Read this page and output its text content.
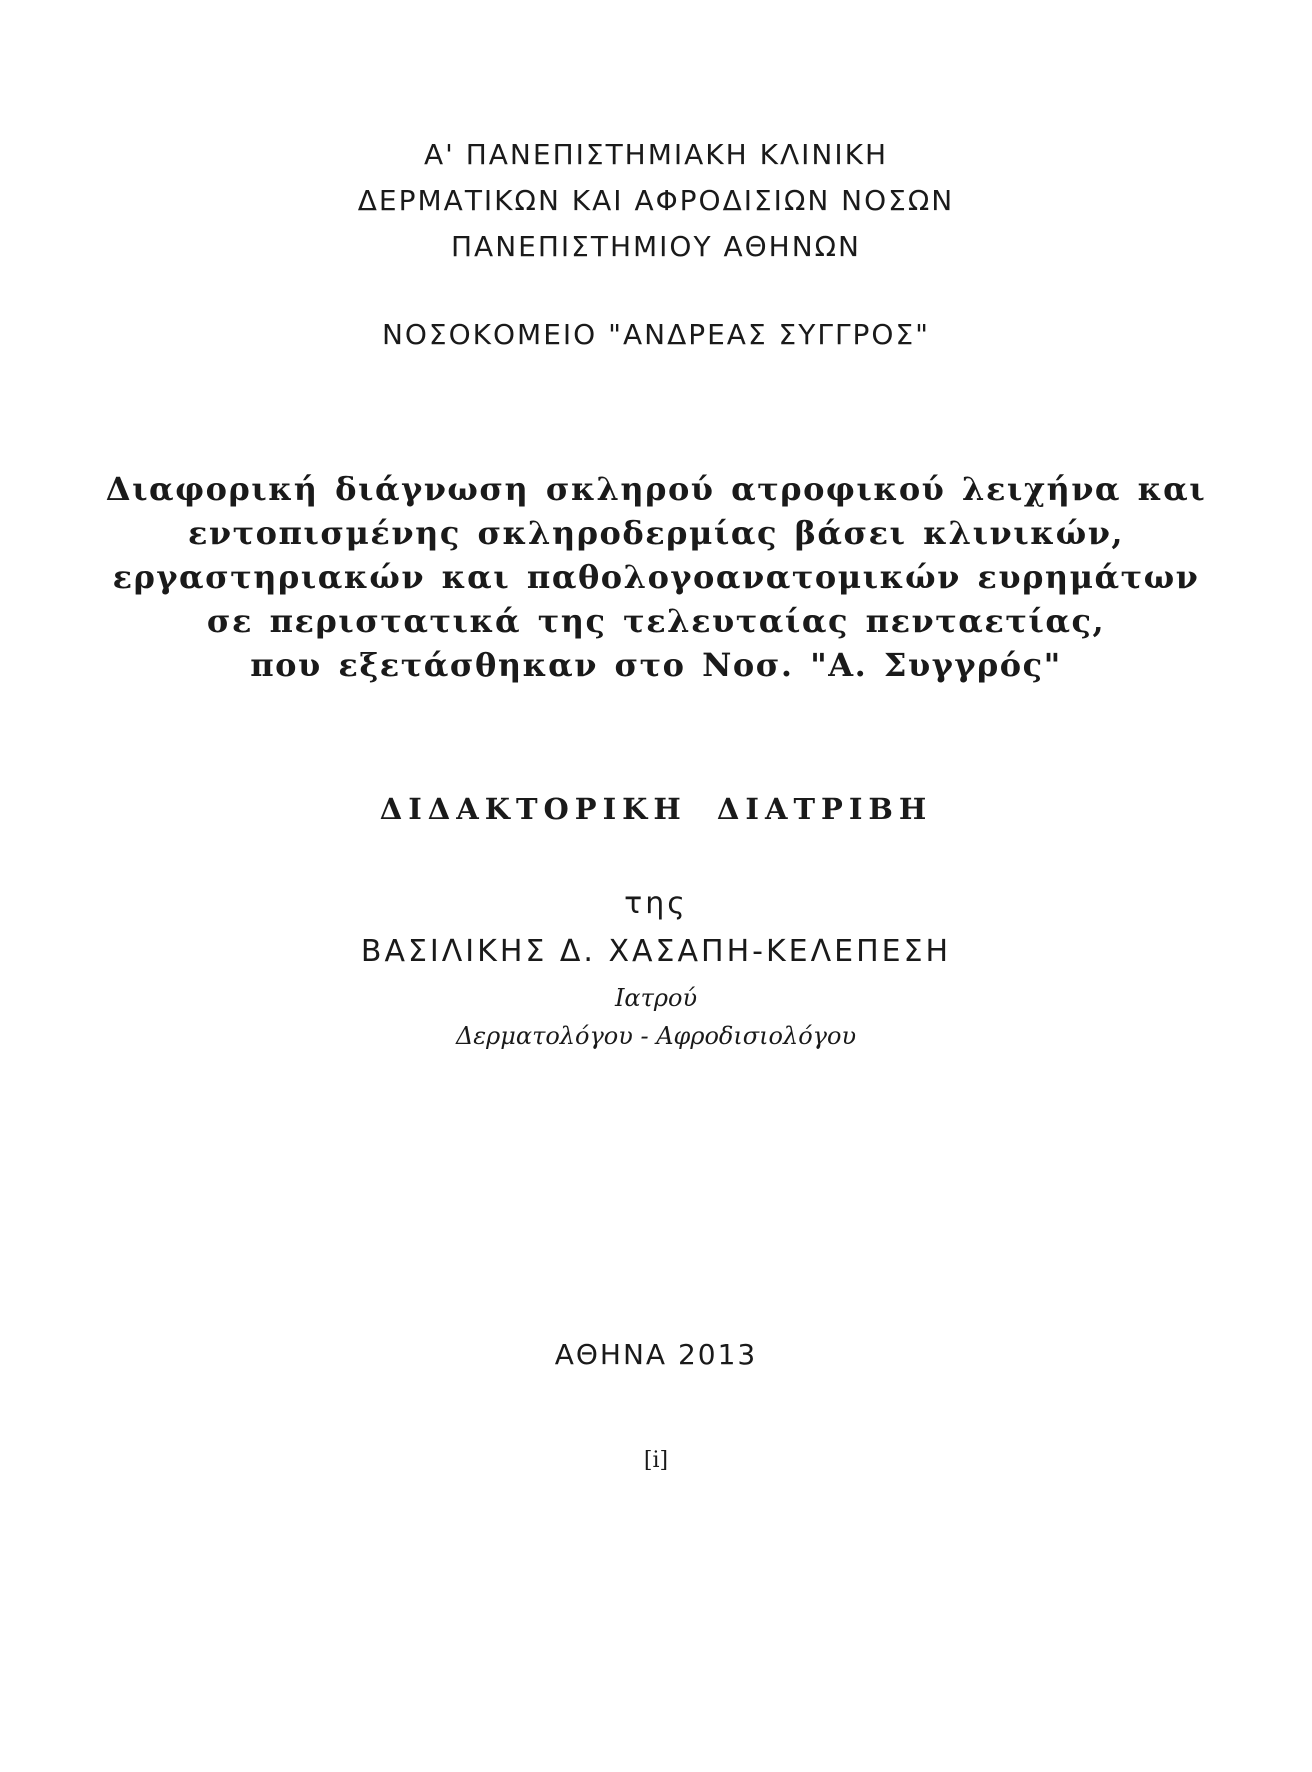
Α' ΠΑΝΕΠΙΣΤΗΜΙΑΚΗ ΚΛΙΝΙΚΗ
ΔΕΡΜΑΤΙΚΩΝ ΚΑΙ ΑΦΡΟΔΙΣΙΩΝ ΝΟΣΩΝ
ΠΑΝΕΠΙΣΤΗΜΙΟΥ ΑΘΗΝΩΝ
ΝΟΣΟΚΟΜΕΙΟ "ΑΝΔΡΕΑΣ ΣΥΓΓΡΟΣ"
Διαφορική διάγνωση σκληρού ατροφικού λειχήνα και
εντοπισμένης σκληροδερμίας βάσει κλινικών,
εργαστηριακών και παθολογοανατομικών ευρημάτων
σε περιστατικά της τελευταίας πενταετίας,
που εξετάσθηκαν στο Νοσ. "Α. Συγγρός"
ΔΙΔΑΚΤΟΡΙΚΗ ΔΙΑΤΡΙΒΗ
της
ΒΑΣΙΛΙΚΗΣ Δ. ΧΑΣΑΠΗ-ΚΕΛΕΠΕΣΗ
Ιατρού
Δερματολόγου - Αφροδισιολόγου
ΑΘΗΝΑ 2013
[i]
